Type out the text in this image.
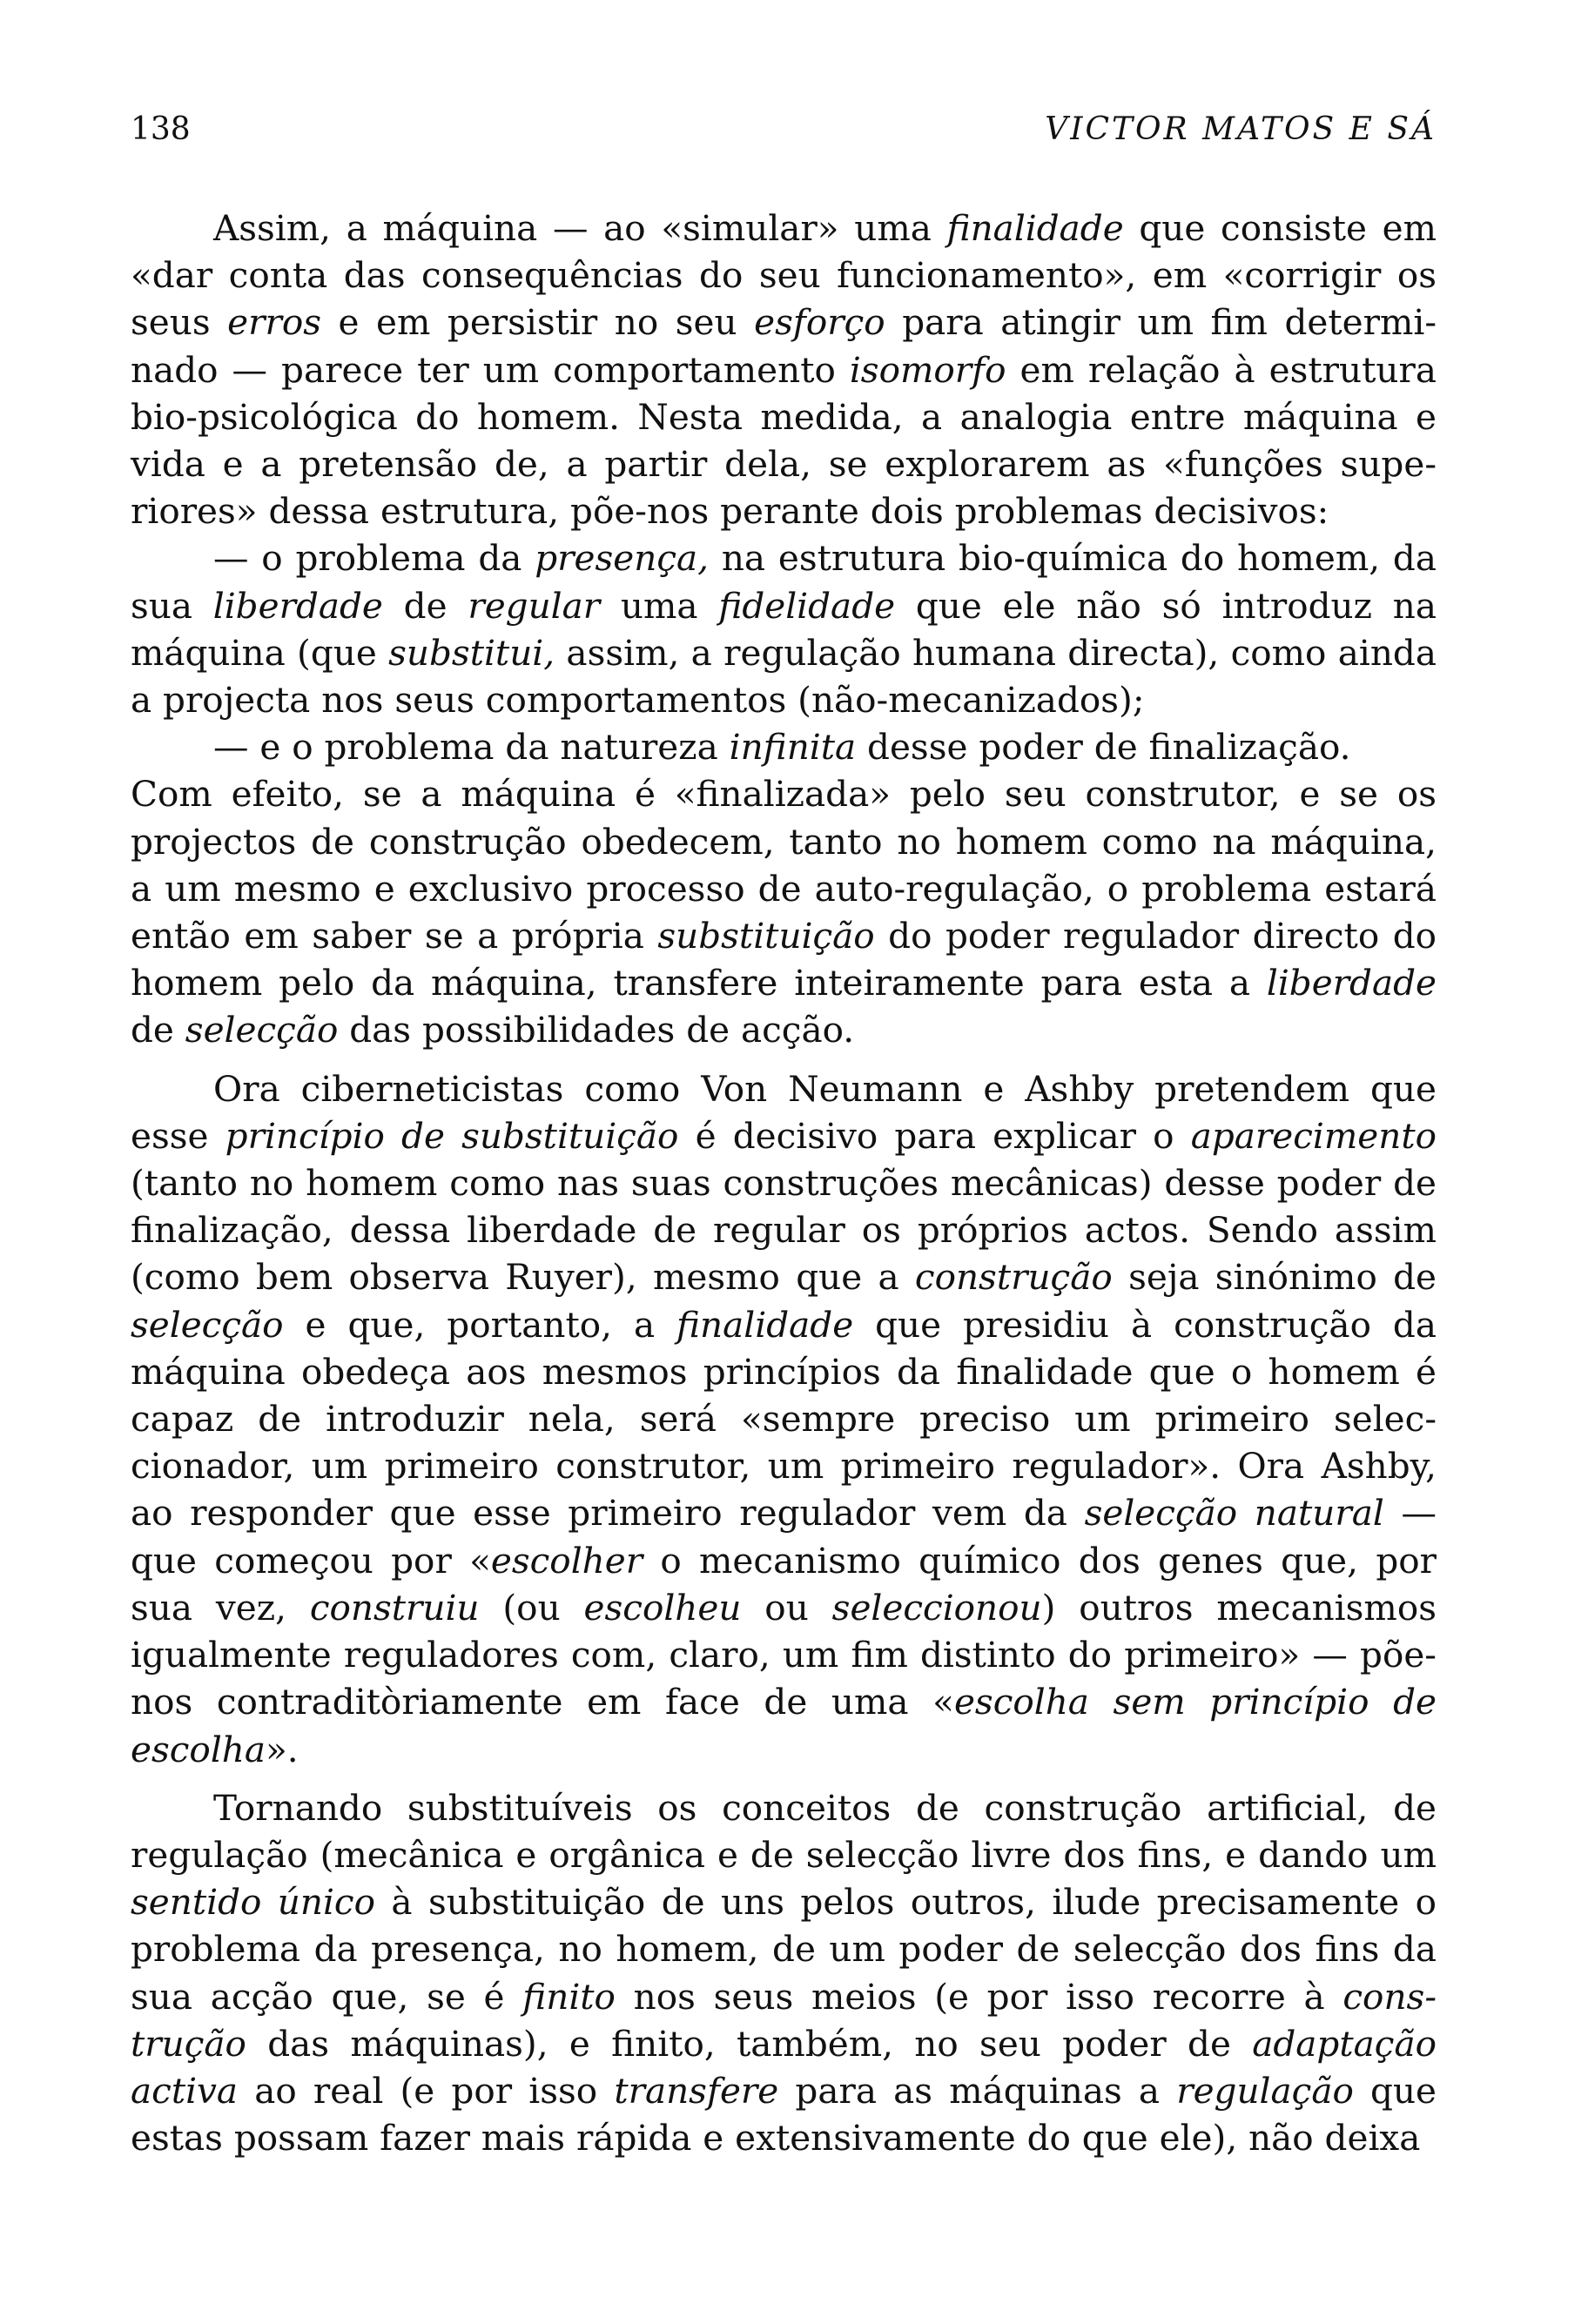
138	VICTOR MATOS E SÁ

Assim, a máquina — ao «simular» uma finalidade que consiste em «dar conta das consequências do seu funcionamento», em «corrigir os seus erros e em persistir no seu esforço para atingir um fim determinado — parece ter um comportamento isomorfo em relação à estrutura bio-psicológica do homem. Nesta medida, a analogia entre máquina e vida e a pretensão de, a partir dela, se explorarem as «funções superiores» dessa estrutura, põe-nos perante dois problemas decisivos:

— o problema da presença, na estrutura bio-química do homem, da sua liberdade de regular uma fidelidade que ele não só introduz na máquina (que substitui, assim, a regulação humana directa), como ainda a projecta nos seus comportamentos (não-mecanizados);

— e o problema da natureza infinita desse poder de finalização.

Com efeito, se a máquina é «finalizada» pelo seu construtor, e se os projectos de construção obedecem, tanto no homem como na máquina, a um mesmo e exclusivo processo de auto-regulação, o problema estará então em saber se a própria substituição do poder regulador directo do homem pelo da máquina, transfere inteiramente para esta a liberdade de selecção das possibilidades de acção.

Ora ciberneticistas como Von Neumann e Ashby pretendem que esse princípio de substituição é decisivo para explicar o aparecimento (tanto no homem como nas suas construções mecânicas) desse poder de finalização, dessa liberdade de regular os próprios actos. Sendo assim (como bem observa Ruyer), mesmo que a construção seja sinónimo de selecção e que, portanto, a finalidade que presidiu à construção da máquina obedeça aos mesmos princípios da finalidade que o homem é capaz de introduzir nela, será «sempre preciso um primeiro seleccionador, um primeiro construtor, um primeiro regulador». Ora Ashby, ao responder que esse primeiro regulador vem da selecção natural — que começou por «escolher o mecanismo químico dos genes que, por sua vez, construiu (ou escolheu ou seleccionou) outros mecanismos igualmente reguladores com, claro, um fim distinto do primeiro» — põe-nos contraditòriamente em face de uma «escolha sem princípio de escolha».

Tornando substituíveis os conceitos de construção artificial, de regulação (mecânica e orgânica e de selecção livre dos fins, e dando um sentido único à substituição de uns pelos outros, ilude precisamente o problema da presença, no homem, de um poder de selecção dos fins da sua acção que, se é finito nos seus meios (e por isso recorre à construção das máquinas), e finito, também, no seu poder de adaptação activa ao real (e por isso transfere para as máquinas a regulação que estas possam fazer mais rápida e extensivamente do que ele), não deixa
